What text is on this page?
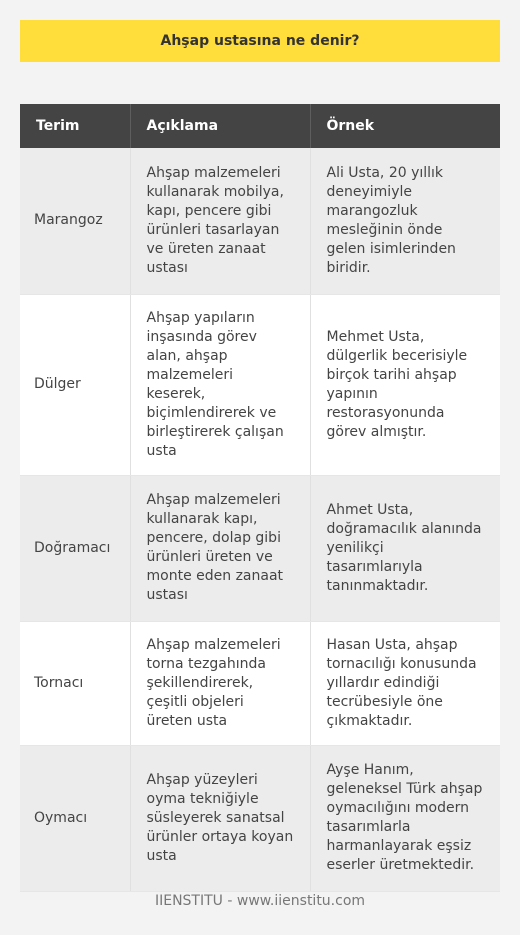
Ahşap ustasına ne denir?
Terim	Açıklama	Örnek
Marangoz	Ahşap malzemeleri kullanarak mobilya, kapı, pencere gibi ürünleri tasarlayan ve üreten zanaat ustası	Ali Usta, 20 yıllık deneyimiyle marangozluk mesleğinin önde gelen isimlerinden biridir.
Dülger	Ahşap yapıların inşasında görev alan, ahşap malzemeleri keserek, biçimlendirerek ve birleştirerek çalışan usta	Mehmet Usta, dülgerlik becerisiyle birçok tarihi ahşap yapının restorasyonunda görev almıştır.
Doğramacı	Ahşap malzemeleri kullanarak kapı, pencere, dolap gibi ürünleri üreten ve monte eden zanaat ustası	Ahmet Usta, doğramacılık alanında yenilikçi tasarımlarıyla tanınmaktadır.
Tornacı	Ahşap malzemeleri torna tezgahında şekillendirerek, çeşitli objeleri üreten usta	Hasan Usta, ahşap tornacılığı konusunda yıllardır edindiği tecrübesiyle öne çıkmaktadır.
Oymacı	Ahşap yüzeyleri oyma tekniğiyle süsleyerek sanatsal ürünler ortaya koyan usta	Ayşe Hanım, geleneksel Türk ahşap oymacılığını modern tasarımlarla harmanlayarak eşsiz eserler üretmektedir.
IIENSTITU - www.iienstitu.com
